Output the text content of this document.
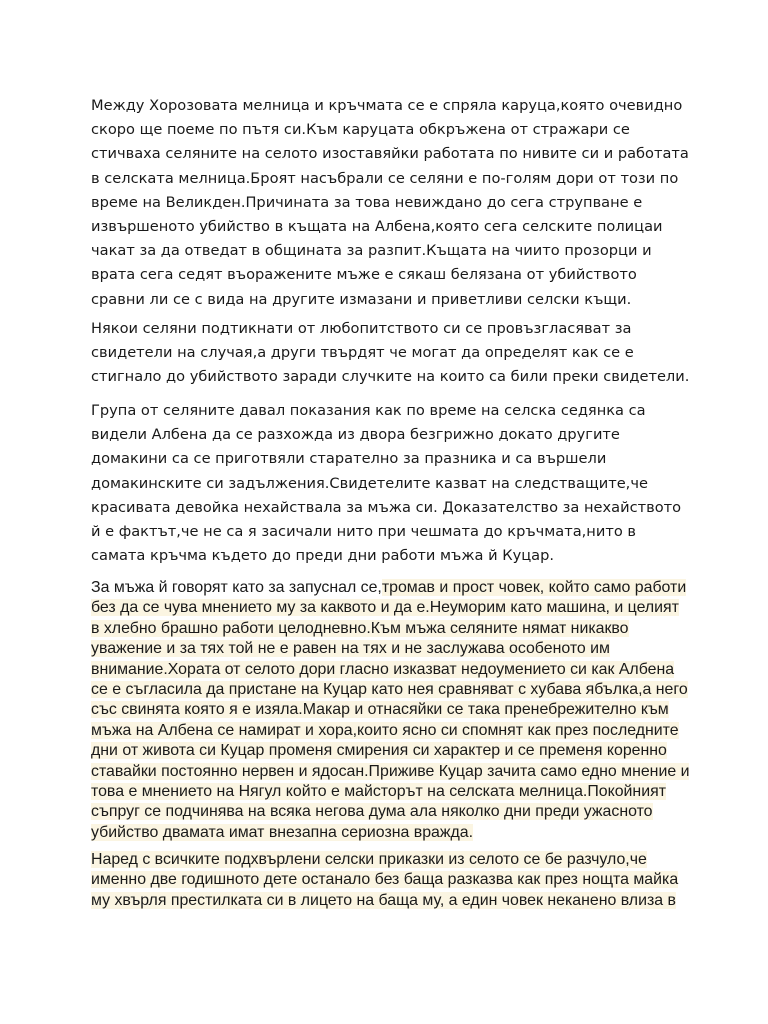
Между Хорозовата мелница и кръчмата се е спряла каруца,която очевидно скоро ще поеме по пътя си.Към каруцата обкръжена от стражари се стичваха селяните на селото изоставяйки работата по нивите си и работата в селската мелница.Броят насъбрали се селяни е по-голям дори от този по време на Великден.Причината за това невиждано до сега струпване е извършеното убийство в къщата на Албена,която сега селските полицаи чакат за да отведат в общината за разпит.Къщата на чиито прозорци и врата сега седят въоражените мъже е сякаш белязана от убийството сравни ли се с вида на другите измазани и приветливи селски къщи.

Някои селяни подтикнати от любопитството си се провъзгласяват за свидетели на случая,а други твърдят че могат да определят как се е стигнало до убийството заради случките на които са били преки свидетели.

Група от селяните давал показания как по време на селска седянка са видели Албена да се разхожда из двора безгрижно докато другите домакини са се приготвяли старателно за празника и са вършели домакинските си задължения.Свидетелите казват на следстващите,че красивата девойка нехайствала за мъжа си. Доказателство за нехайството й е фактът,че не са я засичали нито при чешмата до кръчмата,нито в самата кръчма където до преди дни работи мъжа й Куцар.

За мъжа й говорят като за запуснал се,тромав и прост човек, който само работи без да се чува мнението му за каквото и да е.Неуморим като машина, и целият в хлебно брашно работи целодневно.Към мъжа селяните нямат никакво уважение и за тях той не е равен на тях и не заслужава особеното им внимание.Хората от селото дори гласно изказват недоумението си как Албена се е съгласила да пристане на Куцар като нея сравняват с хубава ябълка,а него със свинята която я е изяла.Макар и отнасяйки се така пренебрежително към мъжа на Албена се намират и хора,които ясно си спомнят как през последните дни от живота си Куцар променя смирения си характер и се пременя коренно ставайки постоянно нервен и ядосан.Приживе Куцар зачита само едно мнение и това е мнението на Нягул който е майсторът на селската мелница.Покойният съпруг се подчинява на всяка негова дума ала няколко дни преди ужасното убийство двамата имат внезапна сериозна вражда.

Наред с всичките подхвърлени селски приказки из селото се бе разчуло,че именно две годишното дете останало без баща разказва как през нощта майка му хвърля престилката си в лицето на баща му, а един човек неканено влиза в
